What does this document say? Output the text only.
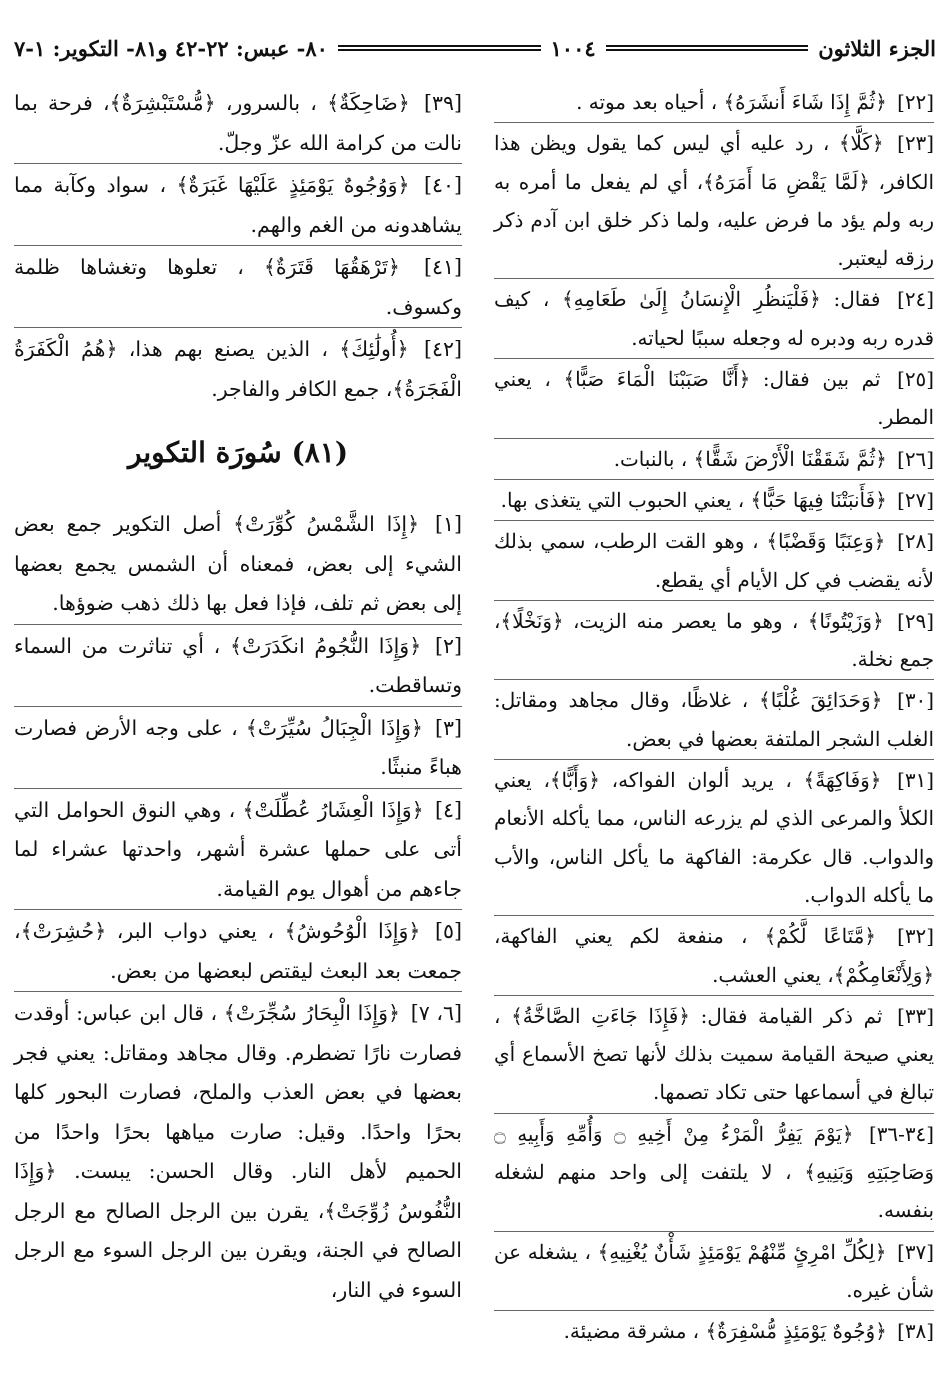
الجزء الثلاثون
١٠٠٤
٨٠- عبس: ٢٢-٤٢ و٨١- التكوير: ١-٧
[٢٢] ﴿ثُمَّ إِذَا شَاءَ أَنشَرَهُ﴾ ، أحياه بعد موته .
[٢٣] ﴿كَلَّا﴾ ، رد عليه أي ليس كما يقول ويظن هذا الكافر، ﴿لَمَّا يَقْضِ مَا أَمَرَهُ﴾، أي لم يفعل ما أمره به ربه ولم يؤد ما فرض عليه، ولما ذكر خلق ابن آدم ذكر رزقه ليعتبر.
[٢٤] فقال: ﴿فَلْيَنظُرِ الْإِنسَانُ إِلَىٰ طَعَامِهِ﴾ ، كيف قدره ربه ودبره له وجعله سببًا لحياته.
[٢٥] ثم بين فقال: ﴿أَنَّا صَبَبْنَا الْمَاءَ صَبًّا﴾ ، يعني المطر.
[٢٦] ﴿ثُمَّ شَقَقْنَا الْأَرْضَ شَقًّا﴾ ، بالنبات.
[٢٧] ﴿فَأَنبَتْنَا فِيهَا حَبًّا﴾ ، يعني الحبوب التي يتغذى بها.
[٢٨] ﴿وَعِنَبًا وَقَضْبًا﴾ ، وهو القت الرطب، سمي بذلك لأنه يقضب في كل الأيام أي يقطع.
[٢٩] ﴿وَزَيْتُونًا﴾ ، وهو ما يعصر منه الزيت، ﴿وَنَخْلًا﴾، جمع نخلة.
[٣٠] ﴿وَحَدَائِقَ غُلْبًا﴾ ، غلاظًا، وقال مجاهد ومقاتل: الغلب الشجر الملتفة بعضها في بعض.
[٣١] ﴿وَفَاكِهَةً﴾ ، يريد ألوان الفواكه، ﴿وَأَبًّا﴾، يعني الكلأ والمرعى الذي لم يزرعه الناس، مما يأكله الأنعام والدواب. قال عكرمة: الفاكهة ما يأكل الناس، والأب ما يأكله الدواب.
[٣٢] ﴿مَّتَاعًا لَّكُمْ﴾ ، منفعة لكم يعني الفاكهة، ﴿وَلِأَنْعَامِكُمْ﴾، يعني العشب.
[٣٣] ثم ذكر القيامة فقال: ﴿فَإِذَا جَاءَتِ الصَّاخَّةُ﴾ ، يعني صيحة القيامة سميت بذلك لأنها تصخ الأسماع أي تبالغ في أسماعها حتى تكاد تصمها.
[٣٤-٣٦] ﴿يَوْمَ يَفِرُّ الْمَرْءُ مِنْ أَخِيهِ ۝ وَأُمِّهِ وَأَبِيهِ ۝ وَصَاحِبَتِهِ وَبَنِيهِ﴾ ، لا يلتفت إلى واحد منهم لشغله بنفسه.
[٣٧] ﴿لِكُلِّ امْرِئٍ مِّنْهُمْ يَوْمَئِذٍ شَأْنٌ يُغْنِيهِ﴾ ، يشغله عن شأن غيره.
[٣٨] ﴿وُجُوهٌ يَوْمَئِذٍ مُّسْفِرَةٌ﴾ ، مشرقة مضيئة.
[٣٩] ﴿ضَاحِكَةٌ﴾ ، بالسرور، ﴿مُّسْتَبْشِرَةٌ﴾، فرحة بما نالت من كرامة الله عزّ وجلّ.
[٤٠] ﴿وَوُجُوهٌ يَوْمَئِذٍ عَلَيْهَا غَبَرَةٌ﴾ ، سواد وكآبة مما يشاهدونه من الغم والهم.
[٤١] ﴿تَرْهَقُهَا قَتَرَةٌ﴾ ، تعلوها وتغشاها ظلمة وكسوف.
[٤٢] ﴿أُولَٰئِكَ﴾ ، الذين يصنع بهم هذا، ﴿هُمُ الْكَفَرَةُ الْفَجَرَةُ﴾، جمع الكافر والفاجر.
(٨١) سُورَة التكوير
[١] ﴿إِذَا الشَّمْسُ كُوِّرَتْ﴾ أصل التكوير جمع بعض الشيء إلى بعض، فمعناه أن الشمس يجمع بعضها إلى بعض ثم تلف، فإذا فعل بها ذلك ذهب ضوؤها.
[٢] ﴿وَإِذَا النُّجُومُ انكَدَرَتْ﴾ ، أي تناثرت من السماء وتساقطت.
[٣] ﴿وَإِذَا الْجِبَالُ سُيِّرَتْ﴾ ، على وجه الأرض فصارت هباءً منبثًا.
[٤] ﴿وَإِذَا الْعِشَارُ عُطِّلَتْ﴾ ، وهي النوق الحوامل التي أتى على حملها عشرة أشهر، واحدتها عشراء لما جاءهم من أهوال يوم القيامة.
[٥] ﴿وَإِذَا الْوُحُوشُ﴾ ، يعني دواب البر، ﴿حُشِرَتْ﴾، جمعت بعد البعث ليقتص لبعضها من بعض.
[٦، ٧] ﴿وَإِذَا الْبِحَارُ سُجِّرَتْ﴾ ، قال ابن عباس: أوقدت فصارت نارًا تضطرم. وقال مجاهد ومقاتل: يعني فجر بعضها في بعض العذب والملح، فصارت البحور كلها بحرًا واحدًا. وقيل: صارت مياهها بحرًا واحدًا من الحميم لأهل النار. وقال الحسن: يبست. ﴿وَإِذَا النُّفُوسُ زُوِّجَتْ﴾، يقرن بين الرجل الصالح مع الرجل الصالح في الجنة، ويقرن بين الرجل السوء مع الرجل السوء في النار،
